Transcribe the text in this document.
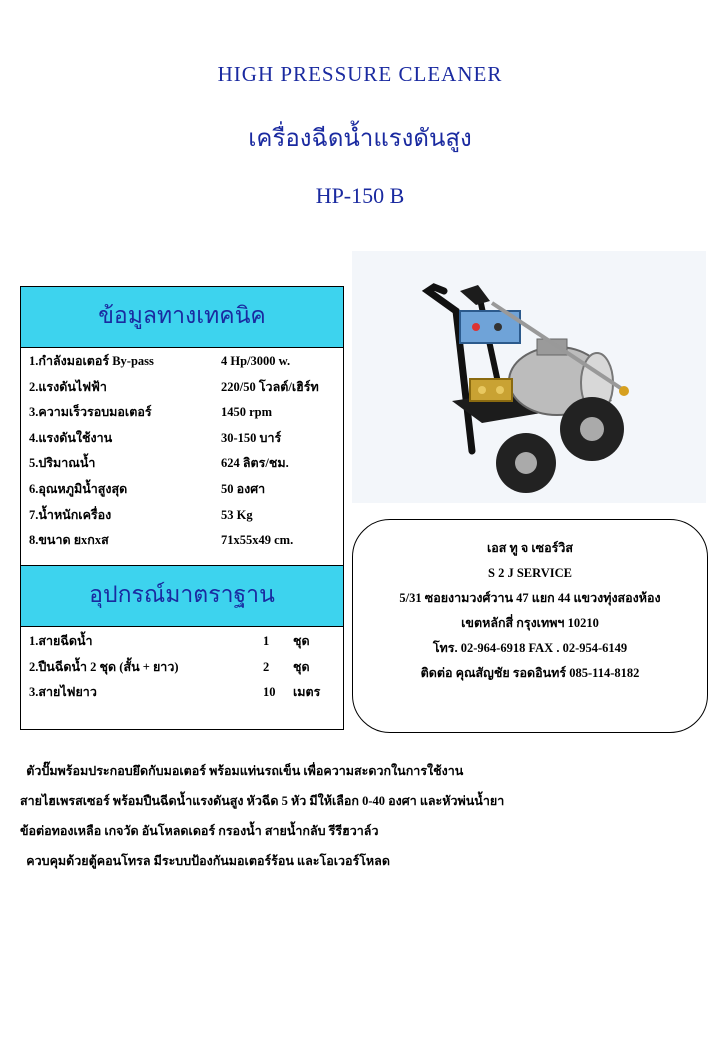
HIGH PRESSURE CLEANER
เครื่องฉีดน้ำแรงดันสูง
HP-150 B
ข้อมูลทางเทคนิค
1.กำลังมอเตอร์ By-pass	4 Hp/3000 w.
2.แรงดันไฟฟ้า	220/50 โวลต์/เฮิร์ท
3.ความเร็วรอบมอเตอร์	1450 rpm
4.แรงดันใช้งาน	30-150 บาร์
5.ปริมาณน้ำ	624 ลิตร/ชม.
6.อุณหภูมิน้ำสูงสุด	50 องศา
7.น้ำหนักเครื่อง	53 Kg
8.ขนาด ยxกxส	71x55x49 cm.
อุปกรณ์มาตราฐาน
1.สายฉีดน้ำ	1 ชุด
2.ปืนฉีดน้ำ 2 ชุด (สั้น + ยาว)	2 ชุด
3.สายไฟยาว	10 เมตร
เอส ทู จ เซอร์วิส
S 2 J SERVICE
5/31 ซอยงามวงศ์วาน 47 แยก 44 แขวงทุ่งสองห้อง
เขตหลักสี่ กรุงเทพฯ 10210
โทร. 02-964-6918 FAX . 02-954-6149
ติดต่อ คุณสัญชัย รอดอินทร์ 085-114-8182
ตัวปั๊มพร้อมประกอบยึดกับมอเตอร์ พร้อมแท่นรถเข็น เพื่อความสะดวกในการใช้งาน
สายไฮเพรสเซอร์ พร้อมปืนฉีดน้ำแรงดันสูง หัวฉีด 5 หัว มีให้เลือก 0-40 องศา และหัวพ่นน้ำยา
ข้อต่อทองเหลือ เกจวัด อันโหลดเดอร์ กรองน้ำ สายน้ำกลับ รีรีฮวาล์ว
ควบคุมด้วยตู้คอนโทรล มีระบบป้องกันมอเตอร์ร้อน และโอเวอร์โหลด
